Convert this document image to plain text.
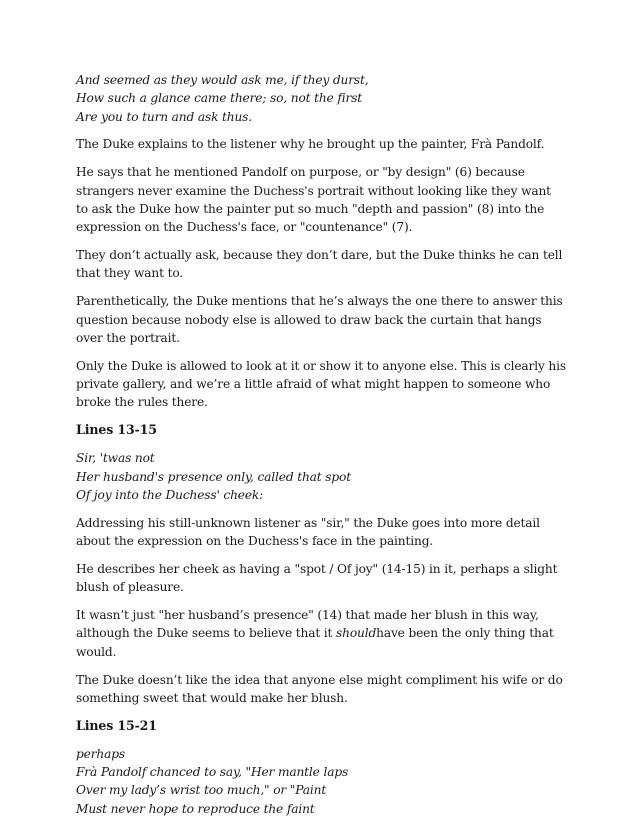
And seemed as they would ask me, if they durst,
How such a glance came there; so, not the first
Are you to turn and ask thus.

The Duke explains to the listener why he brought up the painter, Frà Pandolf.

He says that he mentioned Pandolf on purpose, or "by design" (6) because strangers never examine the Duchess's portrait without looking like they want to ask the Duke how the painter put so much "depth and passion" (8) into the expression on the Duchess's face, or "countenance" (7).

They don’t actually ask, because they don’t dare, but the Duke thinks he can tell that they want to.

Parenthetically, the Duke mentions that he’s always the one there to answer this question because nobody else is allowed to draw back the curtain that hangs over the portrait.

Only the Duke is allowed to look at it or show it to anyone else. This is clearly his private gallery, and we’re a little afraid of what might happen to someone who broke the rules there.

Lines 13-15

Sir, 'twas not
Her husband's presence only, called that spot
Of joy into the Duchess' cheek:

Addressing his still-unknown listener as "sir," the Duke goes into more detail about the expression on the Duchess's face in the painting.

He describes her cheek as having a "spot / Of joy" (14-15) in it, perhaps a slight blush of pleasure.

It wasn’t just "her husband’s presence" (14) that made her blush in this way, although the Duke seems to believe that it shouldhave been the only thing that would.

The Duke doesn’t like the idea that anyone else might compliment his wife or do something sweet that would make her blush.

Lines 15-21

perhaps
Frà Pandolf chanced to say, "Her mantle laps
Over my lady’s wrist too much," or "Paint
Must never hope to reproduce the faint
